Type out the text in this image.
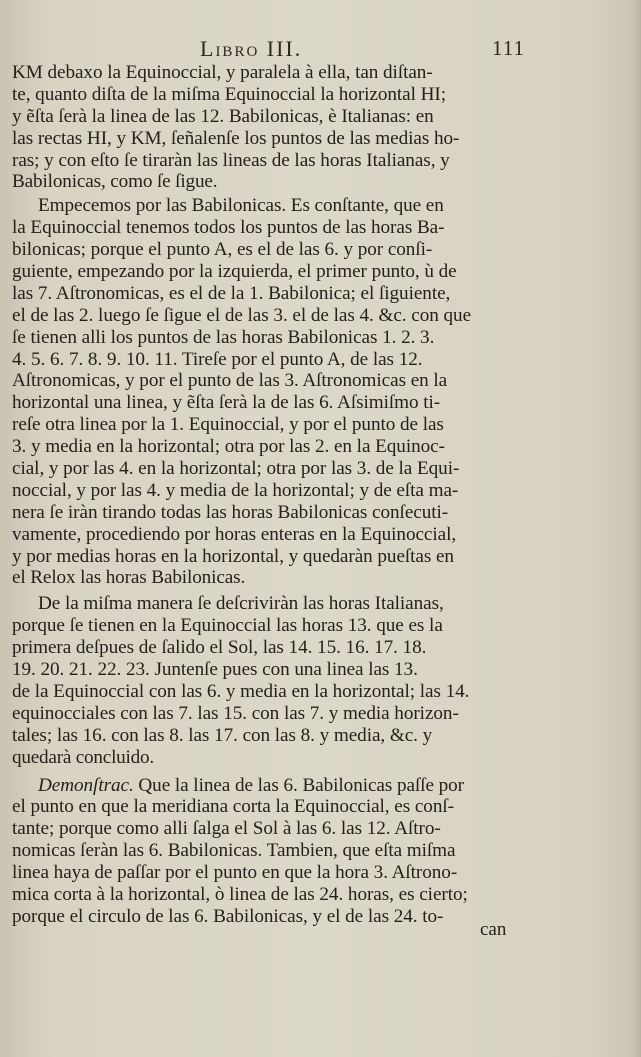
Libro III.	111
KM debaxo la Equinoccial, y paralela à ella, tan diſtan-
te, quanto diſta de la miſma Equinoccial la horizontal HI;
y ẽſta ſerà la linea de las 12. Babilonicas, è Italianas: en
las rectas HI, y KM, ſeñalenſe los puntos de las medias ho-
ras; y con eſto ſe tiraràn las lineas de las horas Italianas, y
Babilonicas, como ſe ſigue.
Empecemos por las Babilonicas. Es conſtante, que en
la Equinoccial tenemos todos los puntos de las horas Ba-
bilonicas; porque el punto A, es el de las 6. y por conſi-
guiente, empezando por la izquierda, el primer punto, ù de
las 7. Aſtronomicas, es el de la 1. Babilonica; el ſiguiente,
el de las 2. luego ſe ſigue el de las 3. el de las 4. &c. con que
ſe tienen alli los puntos de las horas Babilonicas 1. 2. 3.
4. 5. 6. 7. 8. 9. 10. 11. Tireſe por el punto A, de las 12.
Aſtronomicas, y por el punto de las 3. Aſtronomicas en la
horizontal una linea, y ẽſta ſerà la de las 6. Aſsimiſmo ti-
reſe otra linea por la 1. Equinoccial, y por el punto de las
3. y media en la horizontal; otra por las 2. en la Equinoc-
cial, y por las 4. en la horizontal; otra por las 3. de la Equi-
noccial, y por las 4. y media de la horizontal; y de eſta ma-
nera ſe iràn tirando todas las horas Babilonicas conſecuti-
vamente, procediendo por horas enteras en la Equinoccial,
y por medias horas en la horizontal, y quedaràn pueſtas en
el Relox las horas Babilonicas.
De la miſma manera ſe deſcriviràn las horas Italianas,
porque ſe tienen en la Equinoccial las horas 13. que es la
primera deſpues de ſalido el Sol, las 14. 15. 16. 17. 18.
19. 20. 21. 22. 23. Juntenſe pues con una linea las 13.
de la Equinoccial con las 6. y media en la horizontal; las 14.
equinocciales con las 7. las 15. con las 7. y media horizon-
tales; las 16. con las 8. las 17. con las 8. y media, &c. y
quedarà concluido.
Demonſtrac. Que la linea de las 6. Babilonicas paſſe por
el punto en que la meridiana corta la Equinoccial, es conſ-
tante; porque como alli ſalga el Sol à las 6. las 12. Aſtro-
nomicas ſeràn las 6. Babilonicas. Tambien, que eſta miſma
linea haya de paſſar por el punto en que la hora 3. Aſtrono-
mica corta à la horizontal, ò linea de las 24. horas, es cierto;
porque el circulo de las 6. Babilonicas, y el de las 24. to-
can
